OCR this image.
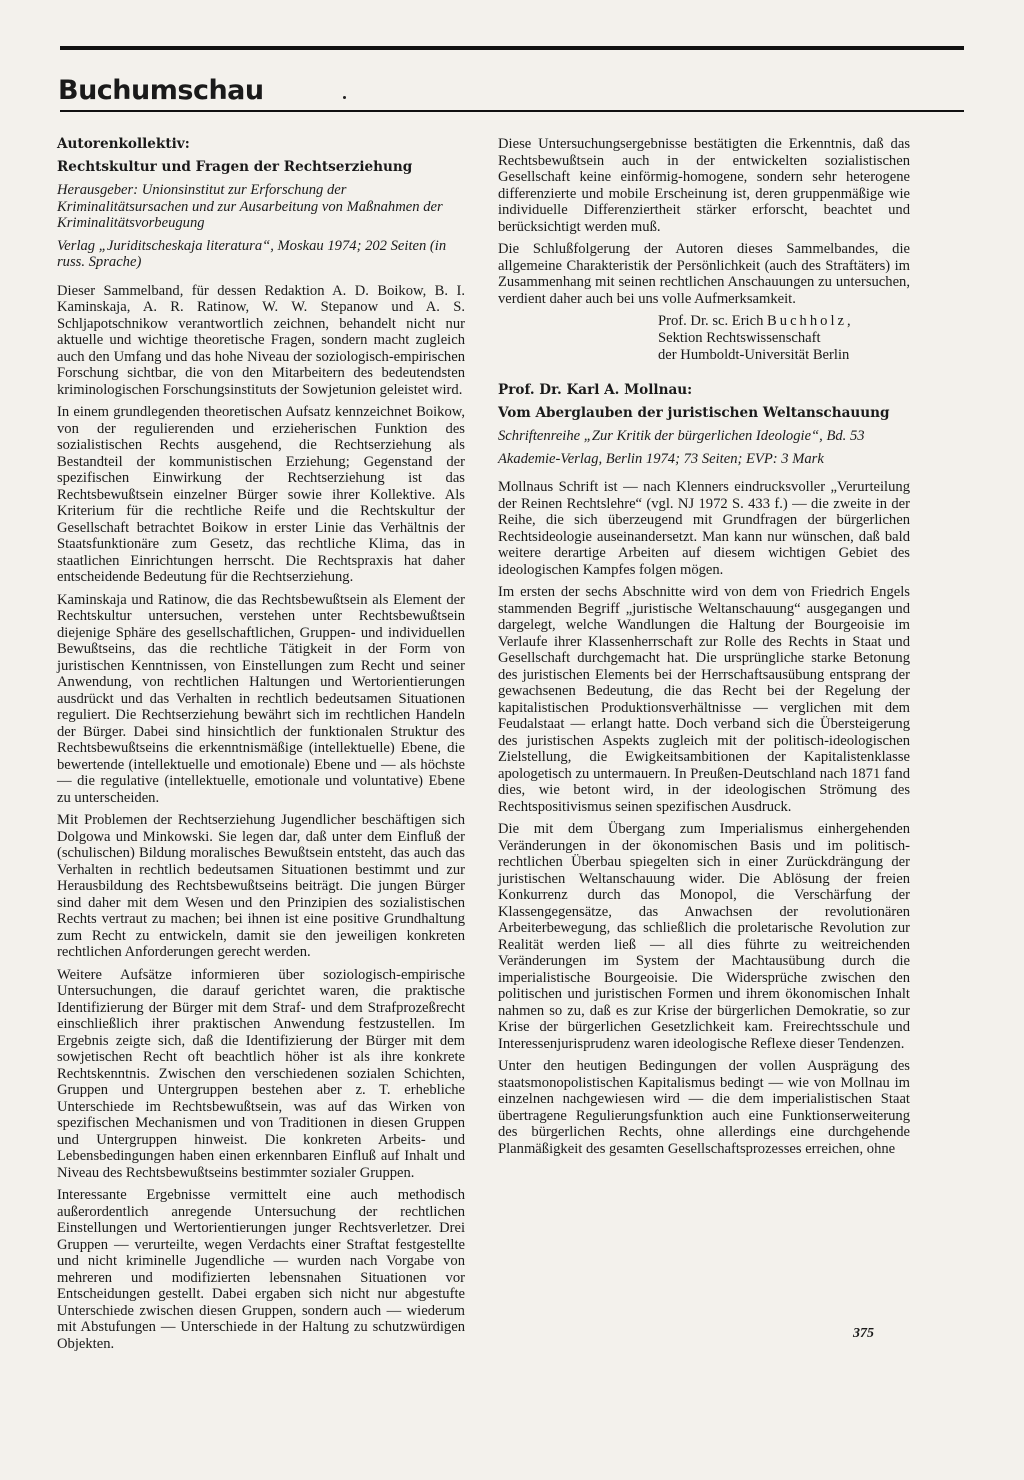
Buchumschau

Autorenkollektiv:

Rechtskultur und Fragen der Rechtserziehung

Herausgeber: Unionsinstitut zur Erforschung der Kriminalitätsursachen und zur Ausarbeitung von Maßnahmen der Kriminalitätsvorbeugung

Verlag „Juriditscheskaja literatura“, Moskau 1974; 202 Seiten (in russ. Sprache)

Dieser Sammelband, für dessen Redaktion A. D. Boikow, B. I. Kaminskaja, A. R. Ratinow, W. W. Stepanow und A. S. Schljapotschnikow verantwortlich zeichnen, behandelt nicht nur aktuelle und wichtige theoretische Fragen, sondern macht zugleich auch den Umfang und das hohe Niveau der soziologisch-empirischen Forschung sichtbar, die von den Mitarbeitern des bedeutendsten kriminologischen Forschungsinstituts der Sowjetunion geleistet wird.

In einem grundlegenden theoretischen Aufsatz kennzeichnet Boikow, von der regulierenden und erzieherischen Funktion des sozialistischen Rechts ausgehend, die Rechtserziehung als Bestandteil der kommunistischen Erziehung; Gegenstand der spezifischen Einwirkung der Rechtserziehung ist das Rechtsbewußtsein einzelner Bürger sowie ihrer Kollektive. Als Kriterium für die rechtliche Reife und die Rechtskultur der Gesellschaft betrachtet Boikow in erster Linie das Verhältnis der Staatsfunktionäre zum Gesetz, das rechtliche Klima, das in staatlichen Einrichtungen herrscht. Die Rechtspraxis hat daher entscheidende Bedeutung für die Rechtserziehung.

Kaminskaja und Ratinow, die das Rechtsbewußtsein als Element der Rechtskultur untersuchen, verstehen unter Rechtsbewußtsein diejenige Sphäre des gesellschaftlichen, Gruppen- und individuellen Bewußtseins, das die rechtliche Tätigkeit in der Form von juristischen Kenntnissen, von Einstellungen zum Recht und seiner Anwendung, von rechtlichen Haltungen und Wertorientierungen ausdrückt und das Verhalten in rechtlich bedeutsamen Situationen reguliert. Die Rechtserziehung bewährt sich im rechtlichen Handeln der Bürger. Dabei sind hinsichtlich der funktionalen Struktur des Rechtsbewußtseins die erkenntnismäßige (intellektuelle) Ebene, die bewertende (intellektuelle und emotionale) Ebene und — als höchste — die regulative (intellektuelle, emotionale und voluntative) Ebene zu unterscheiden.

Mit Problemen der Rechtserziehung Jugendlicher beschäftigen sich Dolgowa und Minkowski. Sie legen dar, daß unter dem Einfluß der (schulischen) Bildung moralisches Bewußtsein entsteht, das auch das Verhalten in rechtlich bedeutsamen Situationen bestimmt und zur Herausbildung des Rechtsbewußtseins beiträgt. Die jungen Bürger sind daher mit dem Wesen und den Prinzipien des sozialistischen Rechts vertraut zu machen; bei ihnen ist eine positive Grundhaltung zum Recht zu entwickeln, damit sie den jeweiligen konkreten rechtlichen Anforderungen gerecht werden.

Weitere Aufsätze informieren über soziologisch-empirische Untersuchungen, die darauf gerichtet waren, die praktische Identifizierung der Bürger mit dem Straf- und dem Strafprozeßrecht einschließlich ihrer praktischen Anwendung festzustellen. Im Ergebnis zeigte sich, daß die Identifizierung der Bürger mit dem sowjetischen Recht oft beachtlich höher ist als ihre konkrete Rechtskenntnis. Zwischen den verschiedenen sozialen Schichten, Gruppen und Untergruppen bestehen aber z. T. erhebliche Unterschiede im Rechtsbewußtsein, was auf das Wirken von spezifischen Mechanismen und von Traditionen in diesen Gruppen und Untergruppen hinweist. Die konkreten Arbeits- und Lebensbedingungen haben einen erkennbaren Einfluß auf Inhalt und Niveau des Rechtsbewußtseins bestimmter sozialer Gruppen.

Interessante Ergebnisse vermittelt eine auch methodisch außerordentlich anregende Untersuchung der rechtlichen Einstellungen und Wertorientierungen junger Rechtsverletzer. Drei Gruppen — verurteilte, wegen Verdachts einer Straftat festgestellte und nicht kriminelle Jugendliche — wurden nach Vorgabe von mehreren und modifizierten lebensnahen Situationen vor Entscheidungen gestellt. Dabei ergaben sich nicht nur abgestufte Unterschiede zwischen diesen Gruppen, sondern auch — wiederum mit Abstufungen — Unterschiede in der Haltung zu schutzwürdigen Objekten.

Diese Untersuchungsergebnisse bestätigten die Erkenntnis, daß das Rechtsbewußtsein auch in der entwickelten sozialistischen Gesellschaft keine einförmig-homogene, sondern sehr heterogene differenzierte und mobile Erscheinung ist, deren gruppenmäßige wie individuelle Differenziertheit stärker erforscht, beachtet und berücksichtigt werden muß.

Die Schlußfolgerung der Autoren dieses Sammelbandes, die allgemeine Charakteristik der Persönlichkeit (auch des Straftäters) im Zusammenhang mit seinen rechtlichen Anschauungen zu untersuchen, verdient daher auch bei uns volle Aufmerksamkeit.

Prof. Dr. sc. Erich Buchholz,
Sektion Rechtswissenschaft
der Humboldt-Universität Berlin

Prof. Dr. Karl A. Mollnau:

Vom Aberglauben der juristischen Weltanschauung

Schriftenreihe „Zur Kritik der bürgerlichen Ideologie“, Bd. 53

Akademie-Verlag, Berlin 1974; 73 Seiten; EVP: 3 Mark

Mollnaus Schrift ist — nach Klenners eindrucksvoller „Verurteilung der Reinen Rechtslehre“ (vgl. NJ 1972 S. 433 f.) — die zweite in der Reihe, die sich überzeugend mit Grundfragen der bürgerlichen Rechtsideologie auseinandersetzt. Man kann nur wünschen, daß bald weitere derartige Arbeiten auf diesem wichtigen Gebiet des ideologischen Kampfes folgen mögen.

Im ersten der sechs Abschnitte wird von dem von Friedrich Engels stammenden Begriff „juristische Weltanschauung“ ausgegangen und dargelegt, welche Wandlungen die Haltung der Bourgeoisie im Verlaufe ihrer Klassenherrschaft zur Rolle des Rechts in Staat und Gesellschaft durchgemacht hat. Die ursprüngliche starke Betonung des juristischen Elements bei der Herrschaftsausübung entsprang der gewachsenen Bedeutung, die das Recht bei der Regelung der kapitalistischen Produktionsverhältnisse — verglichen mit dem Feudalstaat — erlangt hatte. Doch verband sich die Übersteigerung des juristischen Aspekts zugleich mit der politisch-ideologischen Zielstellung, die Ewigkeitsambitionen der Kapitalistenklasse apologetisch zu untermauern. In Preußen-Deutschland nach 1871 fand dies, wie betont wird, in der ideologischen Strömung des Rechtspositivismus seinen spezifischen Ausdruck.

Die mit dem Übergang zum Imperialismus einhergehenden Veränderungen in der ökonomischen Basis und im politisch-rechtlichen Überbau spiegelten sich in einer Zurückdrängung der juristischen Weltanschauung wider. Die Ablösung der freien Konkurrenz durch das Monopol, die Verschärfung der Klassengegensätze, das Anwachsen der revolutionären Arbeiterbewegung, das schließlich die proletarische Revolution zur Realität werden ließ — all dies führte zu weitreichenden Veränderungen im System der Machtausübung durch die imperialistische Bourgeoisie. Die Widersprüche zwischen den politischen und juristischen Formen und ihrem ökonomischen Inhalt nahmen so zu, daß es zur Krise der bürgerlichen Demokratie, so zur Krise der bürgerlichen Gesetzlichkeit kam. Freirechtsschule und Interessenjurisprudenz waren ideologische Reflexe dieser Tendenzen.

Unter den heutigen Bedingungen der vollen Ausprägung des staatsmonopolistischen Kapitalismus bedingt — wie von Mollnau im einzelnen nachgewiesen wird — die dem imperialistischen Staat übertragene Regulierungsfunktion auch eine Funktionserweiterung des bürgerlichen Rechts, ohne allerdings eine durchgehende Planmäßigkeit des gesamten Gesellschaftsprozesses erreichen, ohne

375
